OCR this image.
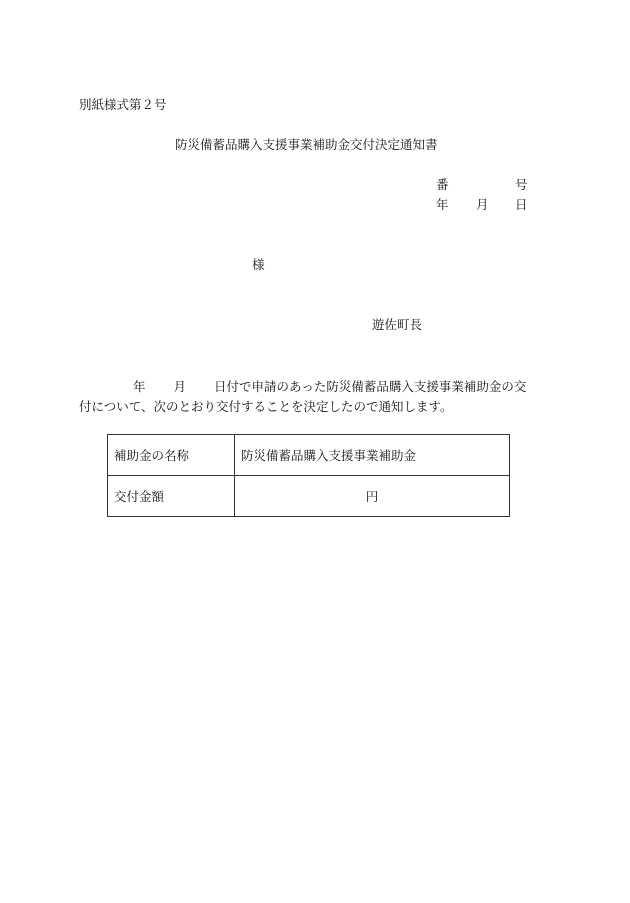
別紙様式第２号
防災備蓄品購入支援事業補助金交付決定通知書
番	号
年 月 日
様
遊佐町長
年 月 日付で申請のあった防災備蓄品購入支援事業補助金の交
付について、次のとおり交付することを決定したので通知します。
補助金の名称	防災備蓄品購入支援事業補助金
交付金額	円
